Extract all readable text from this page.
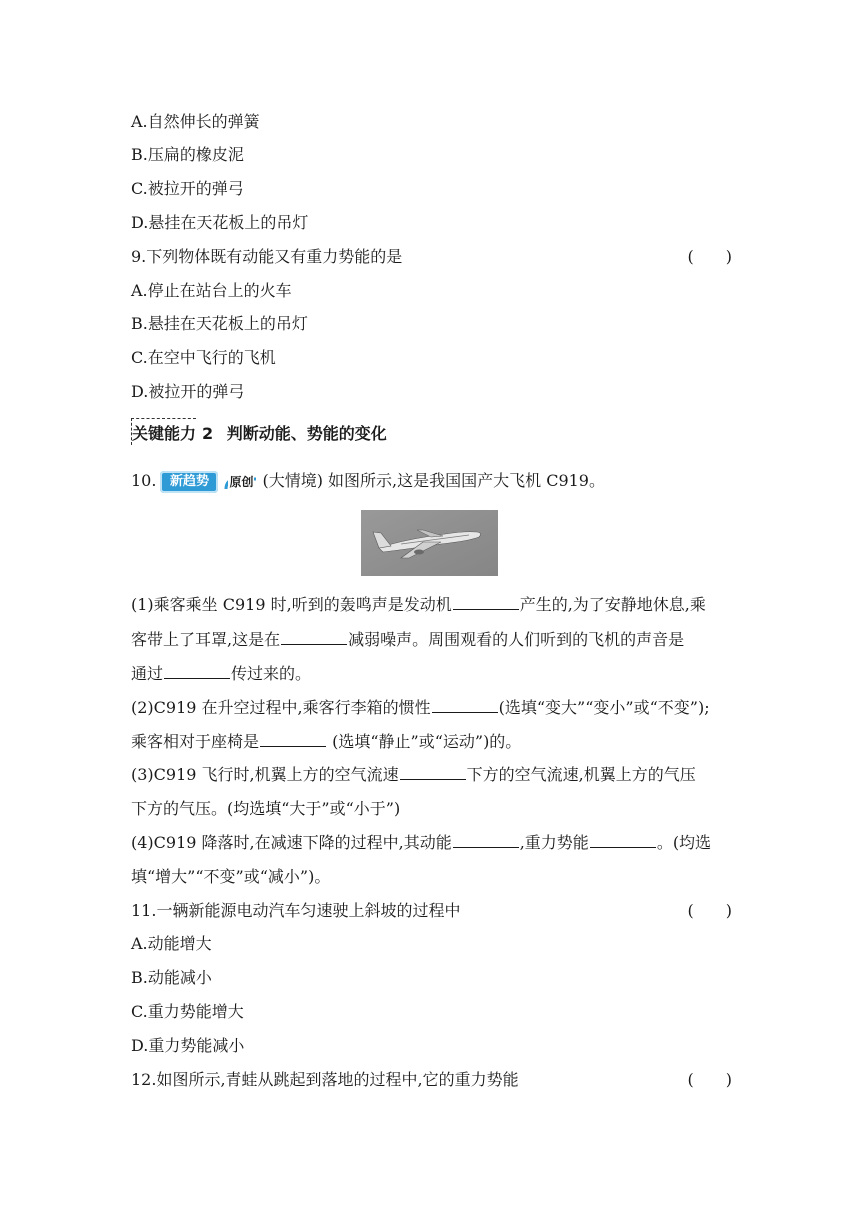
A.自然伸长的弹簧
B.压扁的橡皮泥
C.被拉开的弹弓
D.悬挂在天花板上的吊灯
9.下列物体既有动能又有重力势能的是	(　　)
A.停止在站台上的火车
B.悬挂在天花板上的吊灯
C.在空中飞行的飞机
D.被拉开的弹弓
关键能力 2 判断动能、势能的变化
10. 新趋势 原创 (大情境) 如图所示,这是我国国产大飞机 C919。
(1)乘客乘坐 C919 时,听到的轰鸣声是发动机	产生的,为了安静地休息,乘
客带上了耳罩,这是在	减弱噪声。周围观看的人们听到的飞机的声音是
通过	传过来的。
(2)C919 在升空过程中,乘客行李箱的惯性	(选填“变大”“变小”或“不变”);
乘客相对于座椅是	(选填“静止”或“运动”)的。
(3)C919 飞行时,机翼上方的空气流速	下方的空气流速,机翼上方的气压
下方的气压。(均选填“大于”或“小于”)
(4)C919 降落时,在减速下降的过程中,其动能	,重力势能	。(均选
填“增大”“不变”或“减小”)。
11.一辆新能源电动汽车匀速驶上斜坡的过程中	(　　)
A.动能增大
B.动能减小
C.重力势能增大
D.重力势能减小
12.如图所示,青蛙从跳起到落地的过程中,它的重力势能	(　　)
